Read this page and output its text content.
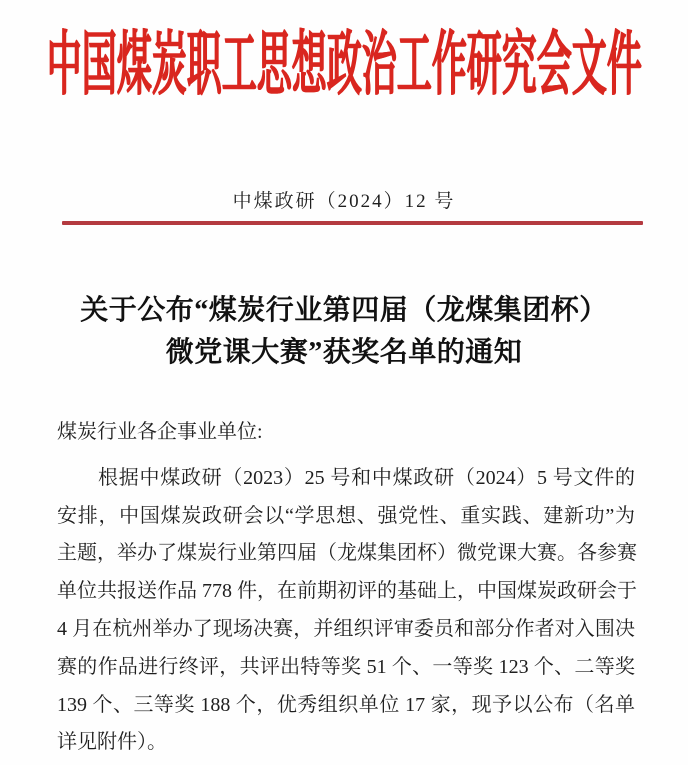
中国煤炭职工思想政治工作研究会文件
中煤政研（2024）12 号
关于公布“煤炭行业第四届（龙煤集团杯）
微党课大赛”获奖名单的通知
煤炭行业各企事业单位:
根据中煤政研（2023）25 号和中煤政研（2024）5 号文件的
安排，中国煤炭政研会以“学思想、强党性、重实践、建新功”为
主题，举办了煤炭行业第四届（龙煤集团杯）微党课大赛。各参赛
单位共报送作品 778 件，在前期初评的基础上，中国煤炭政研会于
4 月在杭州举办了现场决赛，并组织评审委员和部分作者对入围决
赛的作品进行终评，共评出特等奖 51 个、一等奖 123 个、二等奖
139 个、三等奖 188 个，优秀组织单位 17 家，现予以公布（名单
详见附件）。
